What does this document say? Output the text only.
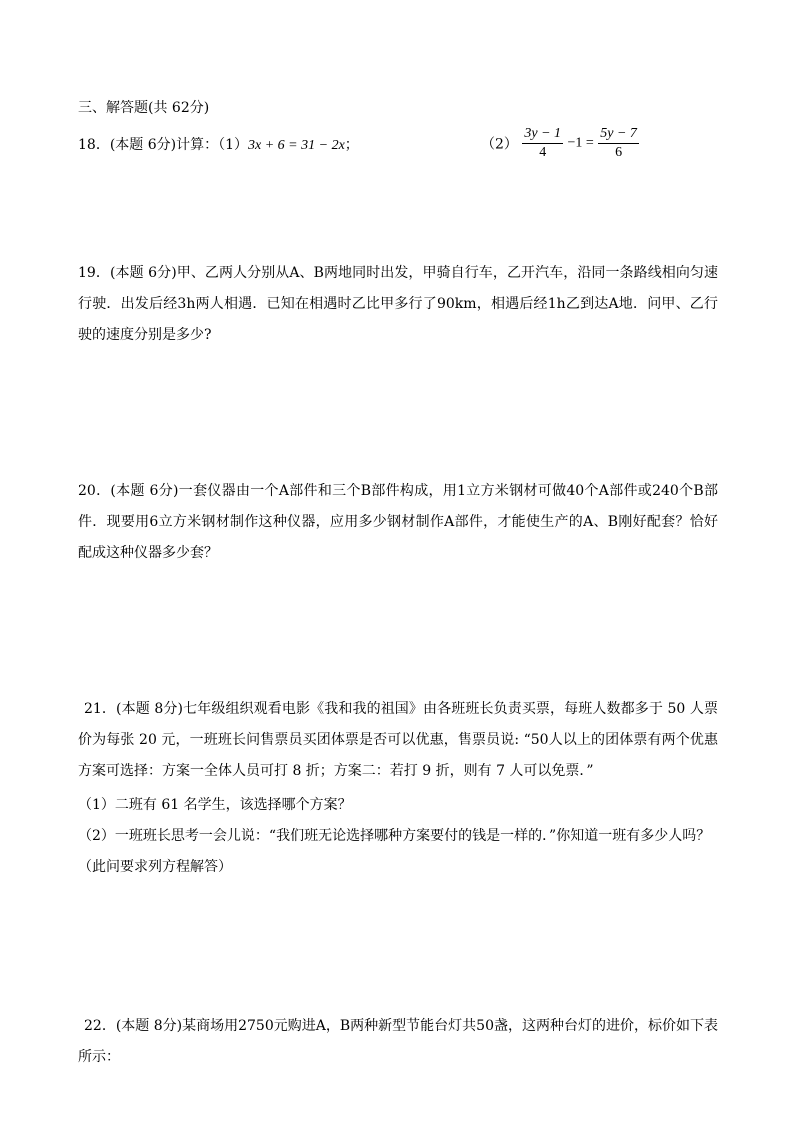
三、解答题(共 62分)
18．(本题 6分)计算：（1）3x + 6 = 31 − 2x；	$(2) \frac{3y - 1}{4} -1 = \frac{5y - 7}{6}$
19．(本题 6分)甲、乙两人分别从A、B两地同时出发，甲骑自行车，乙开汽车，沿同一条路线相向匀速行驶．出发后经3h两人相遇．已知在相遇时乙比甲多行了90km，相遇后经1h乙到达A地．问甲、乙行驶的速度分别是多少?
20．(本题 6分)一套仪器由一个A部件和三个B部件构成，用1立方米钢材可做40个A部件或240个B部件．现要用6立方米钢材制作这种仪器，应用多少钢材制作A部件，才能使生产的A、B刚好配套？恰好配成这种仪器多少套？
21．(本题 8分)七年级组织观看电影《我和我的祖国》由各班班长负责买票，每班人数都多于 50 人票价为每张 20 元，一班班长问售票员买团体票是否可以优惠，售票员说: “50人以上的团体票有两个优惠方案可选择：方案一全体人员可打 8 折；方案二：若打 9 折，则有 7 人可以免票．”
（1）二班有 61 名学生，该选择哪个方案？
（2）一班班长思考一会儿说：“我们班无论选择哪种方案要付的钱是一样的．”你知道一班有多少人吗？
（此问要求列方程解答）
22．(本题 8分)某商场用2750元购进A，B两种新型节能台灯共50盏，这两种台灯的进价，标价如下表所示：
